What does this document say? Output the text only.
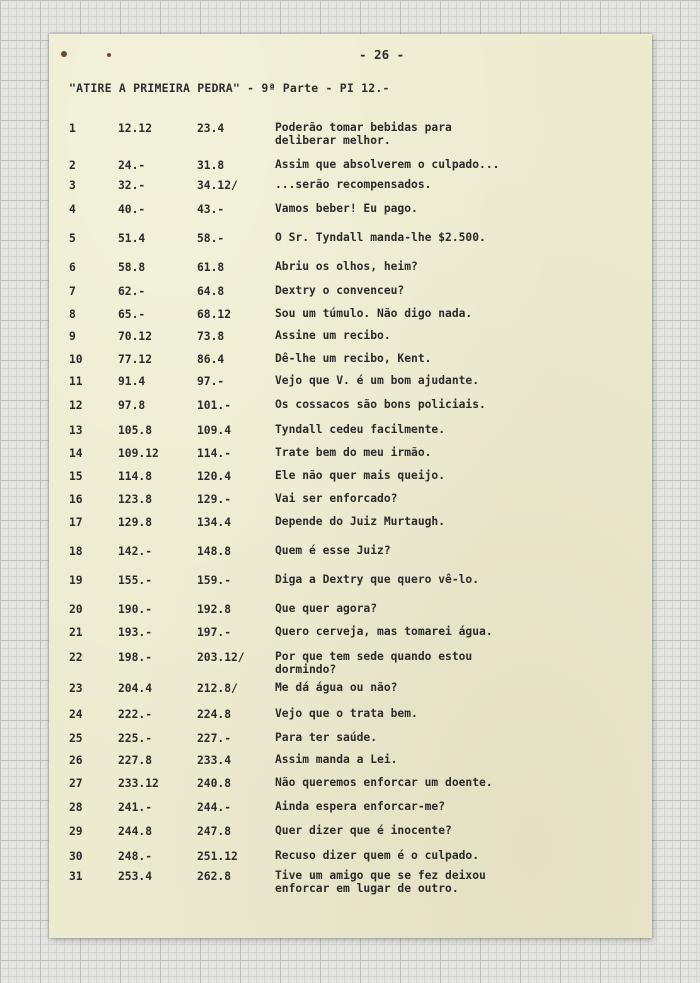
- 26 -
"ATIRE A PRIMEIRA PEDRA" - 9ª Parte - PI 12.-
1	12.12	23.4	Poderão tomar bebidas para
deliberar melhor.
2	24.-	31.8	Assim que absolverem o culpado...
3	32.-	34.12/	...serão recompensados.
4	40.-	43.-	Vamos beber! Eu pago.
5	51.4	58.-	O Sr. Tyndall manda-lhe $2.500.
6	58.8	61.8	Abriu os olhos, heim?
7	62.-	64.8	Dextry o convenceu?
8	65.-	68.12	Sou um túmulo. Não digo nada.
9	70.12	73.8	Assine um recibo.
10	77.12	86.4	Dê-lhe um recibo, Kent.
11	91.4	97.-	Vejo que V. é um bom ajudante.
12	97.8	101.-	Os cossacos são bons policiais.
13	105.8	109.4	Tyndall cedeu facilmente.
14	109.12	114.-	Trate bem do meu irmão.
15	114.8	120.4	Ele não quer mais queijo.
16	123.8	129.-	Vai ser enforcado?
17	129.8	134.4	Depende do Juiz Murtaugh.
18	142.-	148.8	Quem é esse Juiz?
19	155.-	159.-	Diga a Dextry que quero vê-lo.
20	190.-	192.8	Que quer agora?
21	193.-	197.-	Quero cerveja, mas tomarei água.
22	198.-	203.12/	Por que tem sede quando estou
dormindo?
23	204.4	212.8/	Me dá água ou não?
24	222.-	224.8	Vejo que o trata bem.
25	225.-	227.-	Para ter saúde.
26	227.8	233.4	Assim manda a Lei.
27	233.12	240.8	Não queremos enforcar um doente.
28	241.-	244.-	Ainda espera enforcar-me?
29	244.8	247.8	Quer dizer que é inocente?
30	248.-	251.12	Recuso dizer quem é o culpado.
31	253.4	262.8	Tive um amigo que se fez deixou
enforcar em lugar de outro.
